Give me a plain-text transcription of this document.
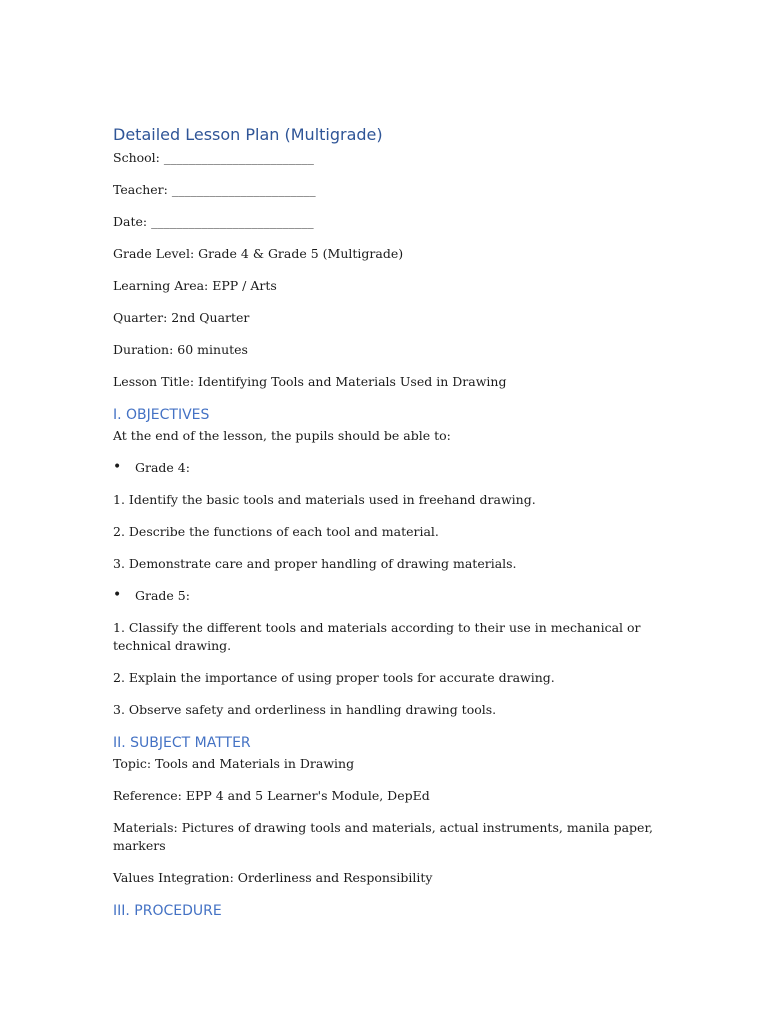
Detailed Lesson Plan (Multigrade)

School: ________________________

Teacher: _______________________

Date: __________________________

Grade Level: Grade 4 & Grade 5 (Multigrade)

Learning Area: EPP / Arts

Quarter: 2nd Quarter

Duration: 60 minutes

Lesson Title: Identifying Tools and Materials Used in Drawing

I. OBJECTIVES

At the end of the lesson, the pupils should be able to:

• Grade 4:

1. Identify the basic tools and materials used in freehand drawing.

2. Describe the functions of each tool and material.

3. Demonstrate care and proper handling of drawing materials.

• Grade 5:

1. Classify the different tools and materials according to their use in mechanical or technical drawing.

2. Explain the importance of using proper tools for accurate drawing.

3. Observe safety and orderliness in handling drawing tools.

II. SUBJECT MATTER

Topic: Tools and Materials in Drawing

Reference: EPP 4 and 5 Learner's Module, DepEd

Materials: Pictures of drawing tools and materials, actual instruments, manila paper, markers

Values Integration: Orderliness and Responsibility

III. PROCEDURE
